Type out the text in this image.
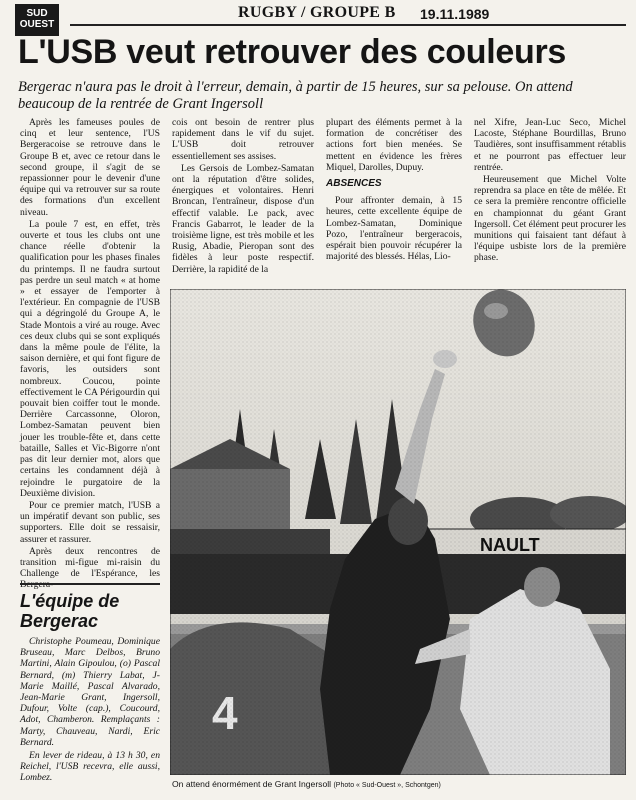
SUD
OUEST
RUGBY / GROUPE B 19.11.1989
L'USB veut retrouver des couleurs

Bergerac n'aura pas le droit à l'erreur, demain, à partir de 15 heures, sur sa pelouse. On attend beaucoup de la rentrée de Grant Ingersoll

Après les fameuses poules de cinq et leur sentence, l'US Bergeracoise se retrouve dans le Groupe B et, avec ce retour dans le second groupe, il s'agit de se repassionner pour le devenir d'une équipe qui va retrouver sur sa route des formations d'un excellent niveau.

La poule 7 est, en effet, très ouverte et tous les clubs ont une chance réelle d'obtenir la qualification pour les phases finales du printemps. Il ne faudra surtout pas perdre un seul match « at home » et essayer de l'emporter à l'extérieur. En compagnie de l'USB qui a dégringolé du Groupe A, le Stade Montois a viré au rouge. Avec ces deux clubs qui se sont expliqués dans la même poule de l'élite, la saison dernière, et qui font figure de favoris, les outsiders sont nombreux. Coucou, pointe effectivement le CA Périgourdin qui pouvait bien coiffer tout le monde. Derrière Carcassonne, Oloron, Lombez-Samatan peuvent bien jouer les trouble-fête et, dans cette bataille, Salles et Vic-Bigorre n'ont pas dit leur dernier mot, alors que certains les condamnent déjà à rejoindre le purgatoire de la Deuxième division.

Pour ce premier match, l'USB a un impératif devant son public, ses supporters. Elle doit se ressaisir, assurer et rassurer.

Après deux rencontres de transition mi-figue mi-raisin du Challenge de l'Espérance, les

cois ont besoin de rentrer plus rapidement dans le vif du sujet. L'USB doit retrouver essentiellement ses assises.

Les Gersois de Lombez-Samatan ont la réputation d'être solides, énergiques et volontaires. Henri Broncan, l'entraîneur, dispose d'un effectif valable. Le pack, avec Francis Gabarrot, le leader de la troisième ligne, est très mobile et les Rusig, Abadie, Pieropan sont des fidèles à leur poste respectif. Derrière, la rapidité de la

plupart des éléments permet à la formation de concrétiser des actions fort bien menées. Se mettent en évidence les frères Miquel, Darolles, Dupuy.

ABSENCES

Pour affronter demain, à 15 heures, cette excellente équipe de Lombez-Samatan, Dominique Pozo, l'entraîneur bergeracois, espérait bien pouvoir récupérer la majorité des blessés. Hélas, Lio-

nel Xifre, Jean-Luc Seco, Michel Lacoste, Stéphane Bourdillas, Bruno Taudières, sont insuffisamment rétablis et ne pourront pas effectuer leur rentrée.

Heureusement que Michel Volte reprendra sa place en tête de mêlée. Et ce sera la première rencontre officielle en championnat du géant Grant Ingersoll. Cet élément peut procurer les munitions qui faisaient tant défaut à l'équipe usbiste lors de la première phase.

L'équipe de
Bergerac

Christophe Poumeau, Dominique Bruseau, Marc Delbos, Bruno Martini, Alain Gipoulou, (o) Pascal Bernard, (m) Thierry Labat, J-Marie Maillé, Pascal Alvarado, Jean-Marie Grant, Ingersoll, Dufour, Volte (cap.), Coucourd, Adot, Chamberon. Remplaçants : Marty, Chauveau, Nardi, Eric Bernard.

En lever de rideau, à 13 h 30, en Reichel, l'USB recevra, elle aussi, Lombez.

On attend énormément de Grant Ingersoll (Photo « Sud-Ouest », Schontgen)
